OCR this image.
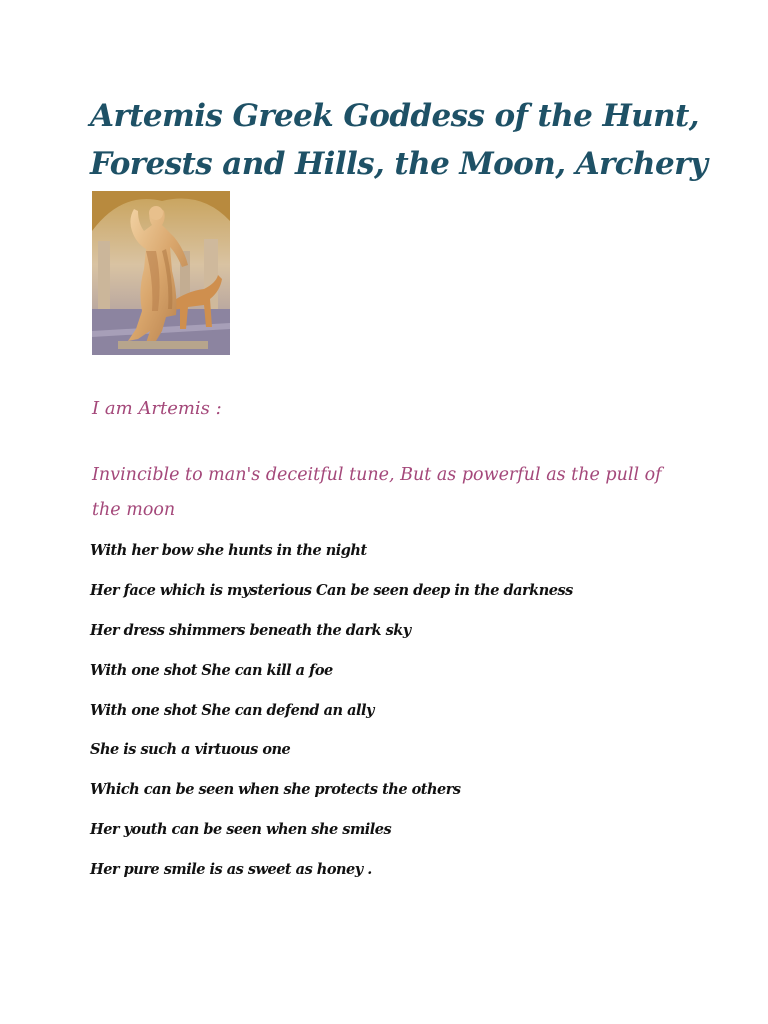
Artemis Greek Goddess of the Hunt,
Forests and Hills, the Moon, Archery

I am Artemis :

Invincible to man's deceitful tune, But as powerful as the pull of the moon

With her bow she hunts in the night

Her face which is mysterious Can be seen deep in the darkness

Her dress shimmers beneath the dark sky

With one shot She can kill a foe

With one shot She can defend an ally

She is such a virtuous one

Which can be seen when she protects the others

Her youth can be seen when she smiles

Her pure smile is as sweet as honey .
